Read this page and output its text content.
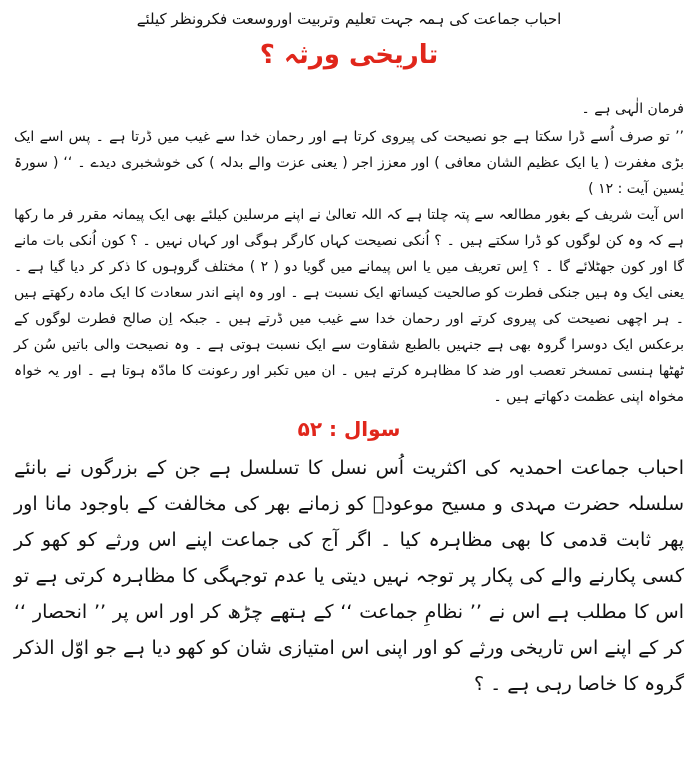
احباب جماعت کی ہمہ جہت تعلیم وتربیت اوروسعت فکرونظر کیلئے

تاریخی ورثہ ؟

فرمان الٰہی ہے ۔

’’ تو صرف اُسے ڈرا سکتا ہے جو نصیحت کی پیروی کرتا ہے اور رحمان خدا سے غیب میں ڈرتا ہے ۔ پس اسے ایک بڑی مغفرت ( یا ایک عظیم الشان معافی ) اور معزز اجر ( یعنی عزت والے بدلہ ) کی خوشخبری دیدے ۔ ‘‘ ( سورۃ یٰسین آیت : ۱۲ )

اس آیت شریف کے بغور مطالعہ سے پتہ چلتا ہے کہ اللہ تعالیٰ نے اپنے مرسلین کیلئے بھی ایک پیمانہ مقرر فر ما رکھا ہے کہ وہ کن لوگوں کو ڈرا سکتے ہیں ۔ ؟ اُنکی نصیحت کہاں کارگر ہوگی اور کہاں نہیں ۔ ؟ کون اُنکی بات مانے گا اور کون جھٹلائے گا ۔ ؟ اِس تعریف میں یا اس پیمانے میں گویا دو ( ۲ ) مختلف گروہوں کا ذکر کر دیا گیا ہے ۔ یعنی ایک وہ ہیں جنکی فطرت کو صالحیت کیساتھ ایک نسبت ہے ۔ اور وہ اپنے اندر سعادت کا ایک مادہ رکھتے ہیں ۔ ہر اچھی نصیحت کی پیروی کرتے اور رحمان خدا سے غیب میں ڈرتے ہیں ۔ جبکہ اِن صالح فطرت لوگوں کے برعکس ایک دوسرا گروہ بھی ہے جنہیں بالطبع شقاوت سے ایک نسبت ہوتی ہے ۔ وہ نصیحت والی باتیں سُن کر ٹھٹھا ہنسی تمسخر تعصب اور ضد کا مظاہرہ کرتے ہیں ۔ ان میں تکبر اور رعونت کا مادّہ ہوتا ہے ۔ اور یہ خواہ مخواہ اپنی عظمت دکھاتے ہیں ۔

سوال : ۵۲

احباب جماعت احمدیہ کی اکثریت اُس نسل کا تسلسل ہے جن کے بزرگوں نے بانئے سلسلہ حضرت مہدی و مسیح موعودؑ کو زمانے بھر کی مخالفت کے باوجود مانا اور پھر ثابت قدمی کا بھی مظاہرہ کیا ۔ اگر آج کی جماعت اپنے اس ورثے کو کھو کر کسی پکارنے والے کی پکار پر توجہ نہیں دیتی یا عدم توجہگی کا مظاہرہ کرتی ہے تو اس کا مطلب ہے اس نے ’’ نظامِ جماعت ‘‘ کے ہتھے چڑھ کر اور اس پر ’’ انحصار ‘‘ کر کے اپنے اس تاریخی ورثے کو اور اپنی اس امتیازی شان کو کھو دیا ہے جو اوّل الذکر گروہ کا خاصا رہی ہے ۔ ؟
